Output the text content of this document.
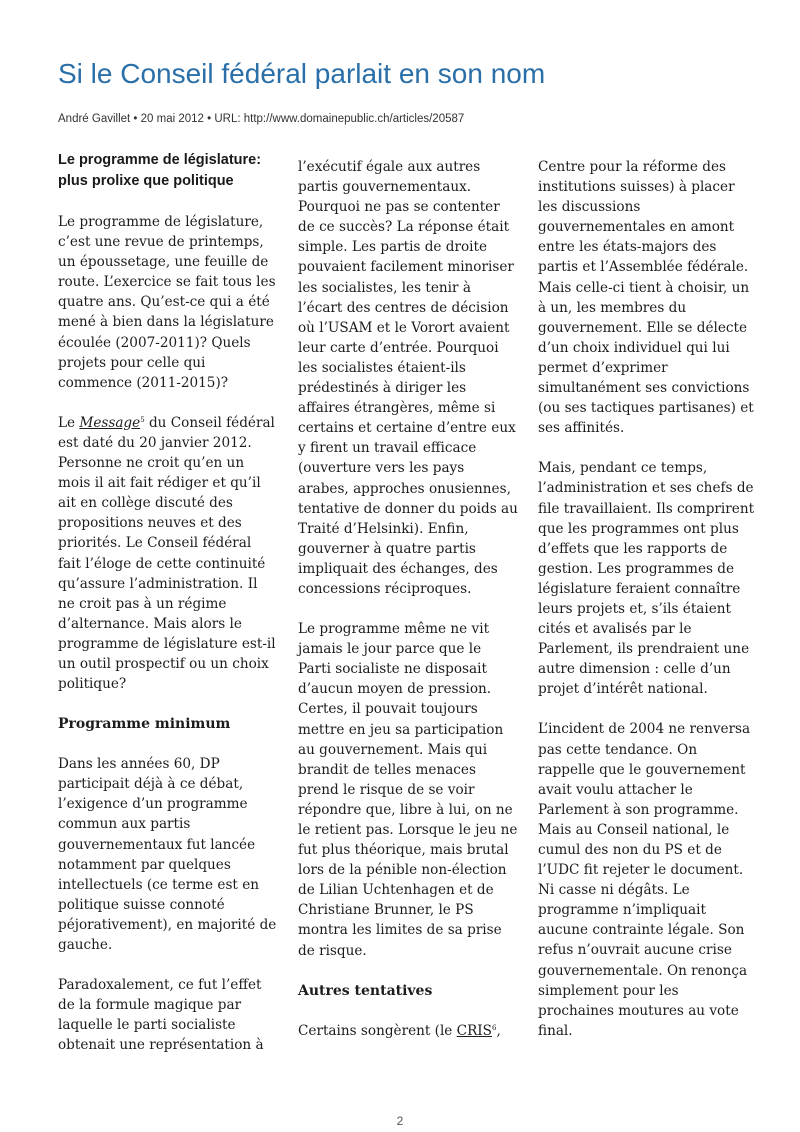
Si le Conseil fédéral parlait en son nom
André Gavillet • 20 mai 2012 • URL: http://www.domainepublic.ch/articles/20587
Le programme de législature: plus prolixe que politique

Le programme de législature, c’est une revue de printemps, un époussetage, une feuille de route. L’exercice se fait tous les quatre ans. Qu’est-ce qui a été mené à bien dans la législature écoulée (2007-2011)? Quels projets pour celle qui commence (2011-2015)?

Le Message$^5$ du Conseil fédéral est daté du 20 janvier 2012. Personne ne croit qu’en un mois il ait fait rédiger et qu’il ait en collège discuté des propositions neuves et des priorités. Le Conseil fédéral fait l’éloge de cette continuité qu’assure l’administration. Il ne croit pas à un régime d’alternance. Mais alors le programme de législature est-il un outil prospectif ou un choix politique?

Programme minimum

Dans les années 60, DP participait déjà à ce débat, l’exigence d’un programme commun aux partis gouvernementaux fut lancée notamment par quelques intellectuels (ce terme est en politique suisse connoté péjorativement), en majorité de gauche.

Paradoxalement, ce fut l’effet de la formule magique par laquelle le parti socialiste obtenait une représentation à

l’exécutif égale aux autres partis gouvernementaux. Pourquoi ne pas se contenter de ce succès? La réponse était simple. Les partis de droite pouvaient facilement minoriser les socialistes, les tenir à l’écart des centres de décision où l’USAM et le Vorort avaient leur carte d’entrée. Pourquoi les socialistes étaient-ils prédestinés à diriger les affaires étrangères, même si certains et certaine d’entre eux y firent un travail efficace (ouverture vers les pays arabes, approches onusiennes, tentative de donner du poids au Traité d’Helsinki). Enfin, gouverner à quatre partis impliquait des échanges, des concessions réciproques.

Le programme même ne vit jamais le jour parce que le Parti socialiste ne disposait d’aucun moyen de pression. Certes, il pouvait toujours mettre en jeu sa participation au gouvernement. Mais qui brandit de telles menaces prend le risque de se voir répondre que, libre à lui, on ne le retient pas. Lorsque le jeu ne fut plus théorique, mais brutal lors de la pénible non-élection de Lilian Uchtenhagen et de Christiane Brunner, le PS montra les limites de sa prise de risque.

Autres tentatives

Certains songèrent (le CRIS$^6$,

Centre pour la réforme des institutions suisses) à placer les discussions gouvernementales en amont entre les états-majors des partis et l’Assemblée fédérale. Mais celle-ci tient à choisir, un à un, les membres du gouvernement. Elle se délecte d’un choix individuel qui lui permet d’exprimer simultanément ses convictions (ou ses tactiques partisanes) et ses affinités.

Mais, pendant ce temps, l’administration et ses chefs de file travaillaient. Ils comprirent que les programmes ont plus d’effets que les rapports de gestion. Les programmes de législature feraient connaître leurs projets et, s’ils étaient cités et avalisés par le Parlement, ils prendraient une autre dimension : celle d’un projet d’intérêt national.

L’incident de 2004 ne renversa pas cette tendance. On rappelle que le gouvernement avait voulu attacher le Parlement à son programme. Mais au Conseil national, le cumul des non du PS et de l’UDC fit rejeter le document. Ni casse ni dégâts. Le programme n’impliquait aucune contrainte légale. Son refus n’ouvrait aucune crise gouvernementale. On renonça simplement pour les prochaines moutures au vote final.

2
